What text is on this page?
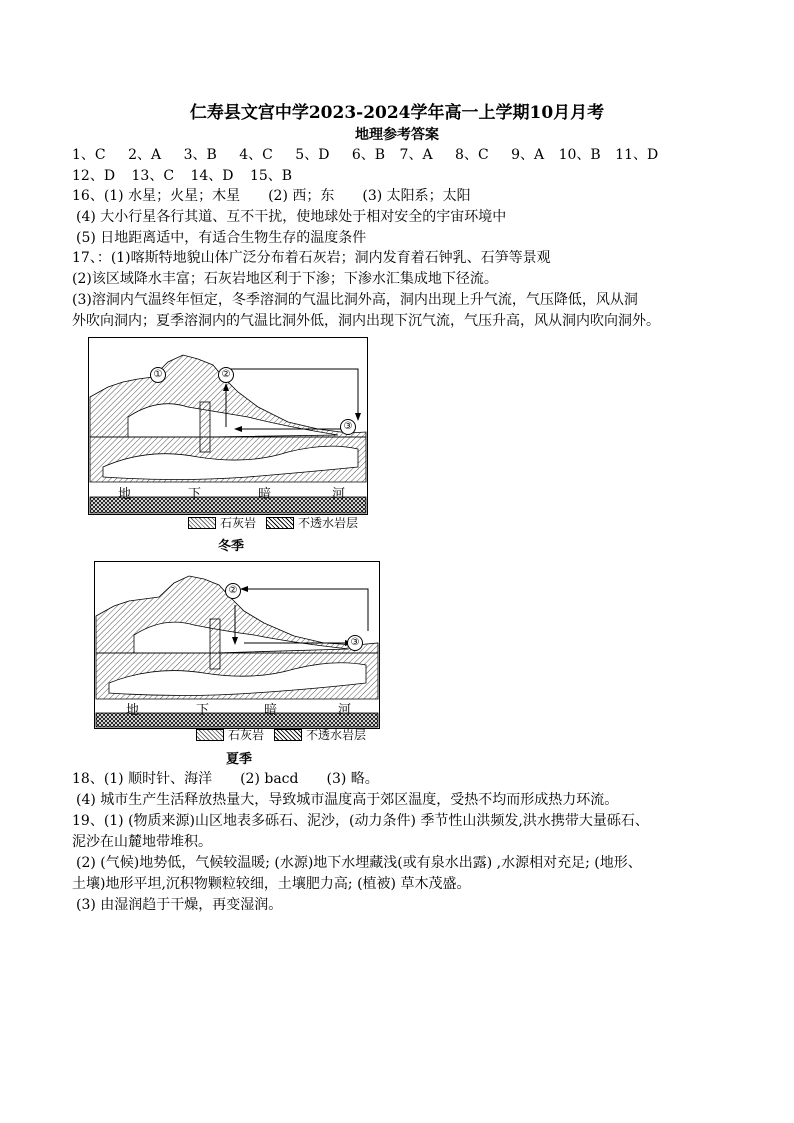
仁寿县文宫中学2023-2024学年高一上学期10月月考
地理参考答案
1、C 2、A 3、B 4、C 5、D 6、B 7、A 8、C 9、A 10、B 11、D
12、D 13、C 14、D 15、B
16、(1) 水星；火星；木星　　(2) 西；东　　(3) 太阳系；太阳
(4) 大小行星各行其道、互不干扰，使地球处于相对安全的宇宙环境中
(5) 日地距离适中，有适合生物生存的温度条件
17、：(1)喀斯特地貌山体广泛分布着石灰岩；洞内发育着石钟乳、石笋等景观
(2)该区域降水丰富；石灰岩地区利于下渗；下渗水汇集成地下径流。
(3)溶洞内气温终年恒定，冬季溶洞的气温比洞外高，洞内出现上升气流，气压降低，风从洞
外吹向洞内；夏季溶洞内的气温比洞外低，洞内出现下沉气流，气压升高，风从洞内吹向洞外。
①	②
③
地	下	暗	河
石灰岩	不透水岩层
冬季
②
③
地	下	暗	河
石灰岩	不透水岩层
夏季
18、(1) 顺时针、海洋　　(2) bacd　　(3) 略。
(4) 城市生产生活释放热量大，导致城市温度高于郊区温度，受热不均而形成热力环流。
19、(1) (物质来源)山区地表多砾石、泥沙，(动力条件) 季节性山洪频发,洪水携带大量砾石、
泥沙在山麓地带堆积。
(2) (气候)地势低，气候较温暖; (水源)地下水埋藏浅(或有泉水出露) ,水源相对充足; (地形、
土壤)地形平坦,沉积物颗粒较细，土壤肥力高; (植被) 草木茂盛。
(3) 由湿润趋于干燥，再变湿润。
